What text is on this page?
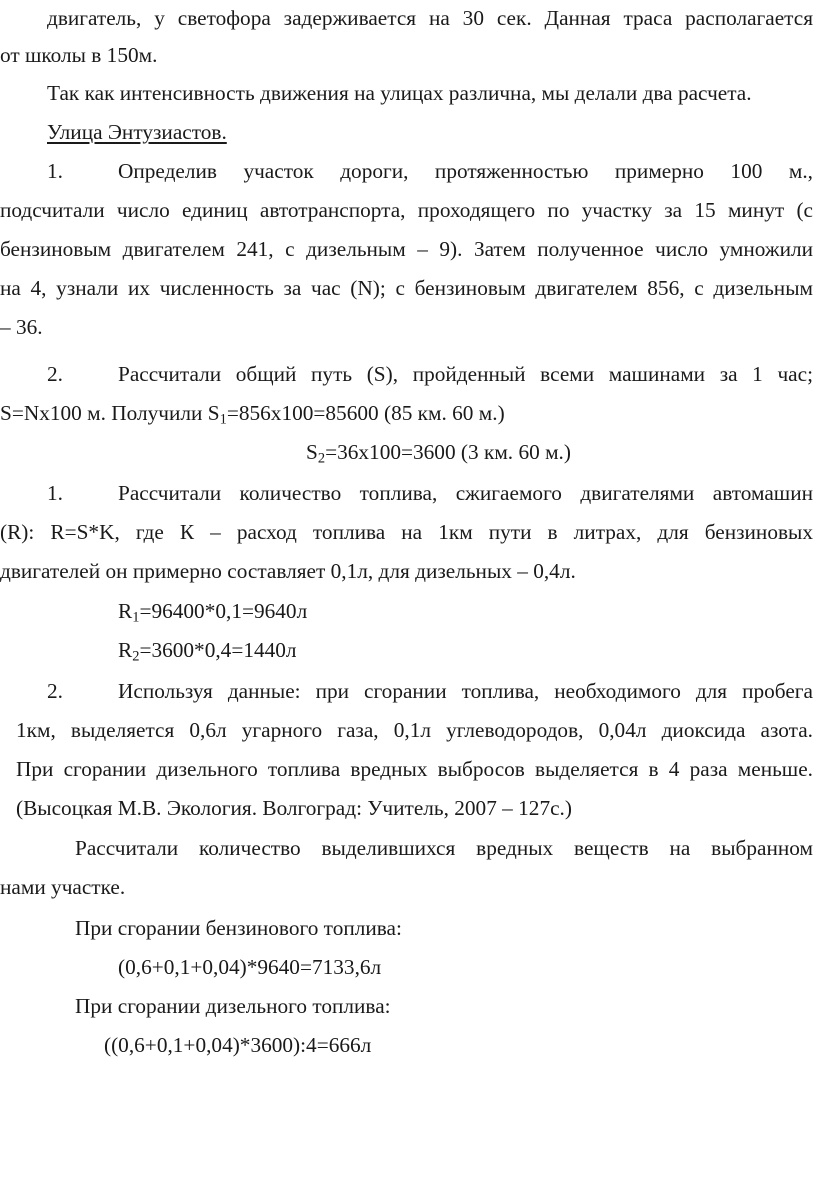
двигатель, у светофора задерживается на 30 сек. Данная траса располагается
от школы в 150м.
Так как интенсивность движения на улицах различна, мы делали два расчета.
Улица Энтузиастов.
1.	Определив участок дороги, протяженностью примерно 100 м.,
подсчитали число единиц автотранспорта, проходящего по участку за 15 минут (с
бензиновым двигателем 241, с дизельным – 9). Затем полученное число умножили
на 4, узнали их численность за час (N); с бензиновым двигателем 856, с дизельным
– 36.
2.	Рассчитали общий путь (S), пройденный всеми машинами за 1 час;
S=Nх100 м. Получили $S_1=856х100=85600$ (85 км. 60 м.)
$S_2=36х100=3600$ (3 км. 60 м.)
1.	Рассчитали количество топлива, сжигаемого двигателями автомашин
(R): R=S*K, где К – расход топлива на 1км пути в литрах, для бензиновых
двигателей он примерно составляет 0,1л, для дизельных – 0,4л.
$R_1=96400*0,1=9640л$
$R_2=3600*0,4=1440л$
2.	Используя данные: при сгорании топлива, необходимого для пробега
1км, выделяется 0,6л угарного газа, 0,1л углеводородов, 0,04л диоксида азота.
При сгорании дизельного топлива вредных выбросов выделяется в 4 раза меньше.
(Высоцкая М.В. Экология. Волгоград: Учитель, 2007 – 127с.)
Рассчитали количество выделившихся вредных веществ на выбранном
нами участке.
При сгорании бензинового топлива:
(0,6+0,1+0,04)*9640=7133,6л
При сгорании дизельного топлива:
((0,6+0,1+0,04)*3600):4=666л
